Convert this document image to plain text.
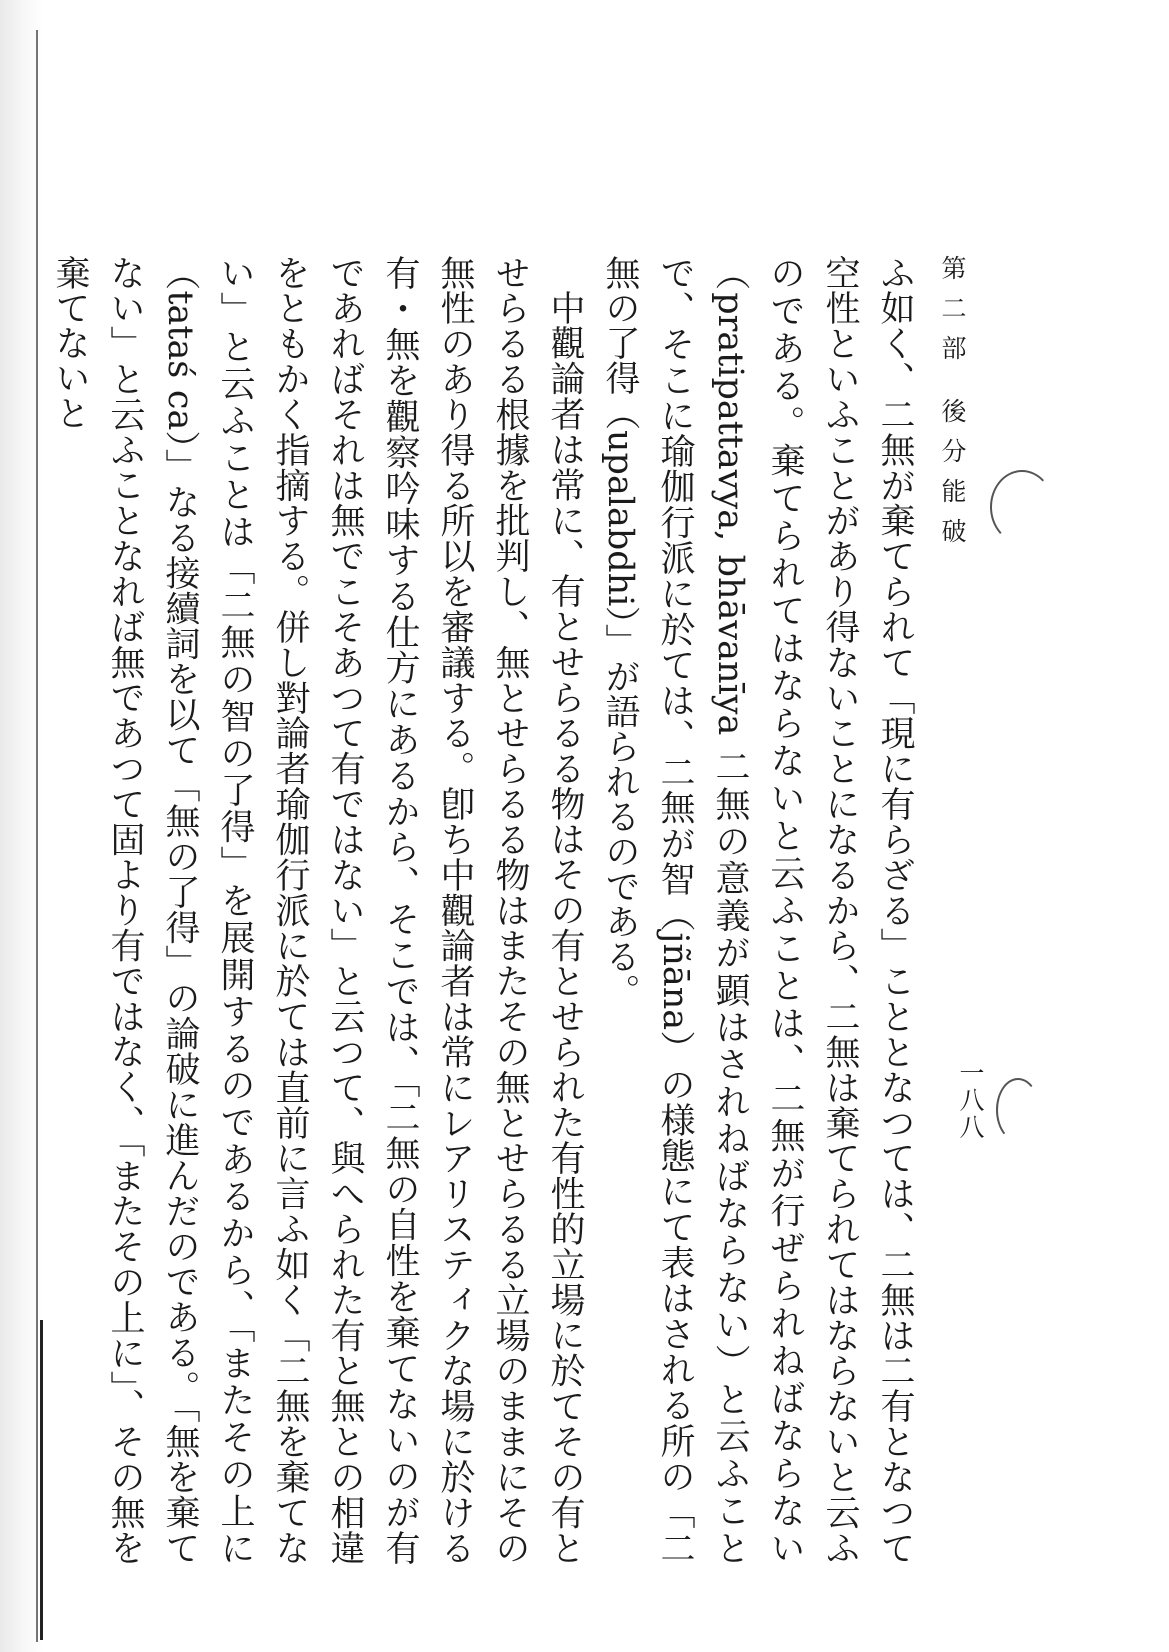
一八八
第二部 後分能破

ふ如く、二無が棄てられて「現に有らざる」こととなつては、二無は二有となつて空性といふことがあり得ないことになるから、二無は棄てられてはならないと云ふのである。棄てられてはならないと云ふことは、二無が行ぜられねばならない（pratipattavya, bhāvanīya 二無の意義が顕はされねばならない）と云ふことで、そこに瑜伽行派に於ては、二無が智（jñāna）の様態にて表はされる所の「二無の了得（upalabdhi）」が語られるのである。

中觀論者は常に、有とせらるる物はその有とせられた有性的立場に於てその有とせらるる根據を批判し、無とせらるる物はまたその無とせらるる立場のままにその無性のあり得る所以を審議する。卽ち中觀論者は常にレアリスティクな場に於ける有・無を觀察吟味する仕方にあるから、そこでは、「二無の自性を棄てないのが有であればそれは無でこそあつて有ではない」と云つて、與へられた有と無との相違をともかく指摘する。併し對論者瑜伽行派に於ては直前に言ふ如く「二無を棄てない」と云ふことは「二無の智の了得」を展開するのであるから、「またその上に（tataś ca）」なる接續詞を以て「無の了得」の論破に進んだのである。「無を棄てない」と云ふことなれば無であつて固より有ではなく、「またその上に」、その無を棄てないと
